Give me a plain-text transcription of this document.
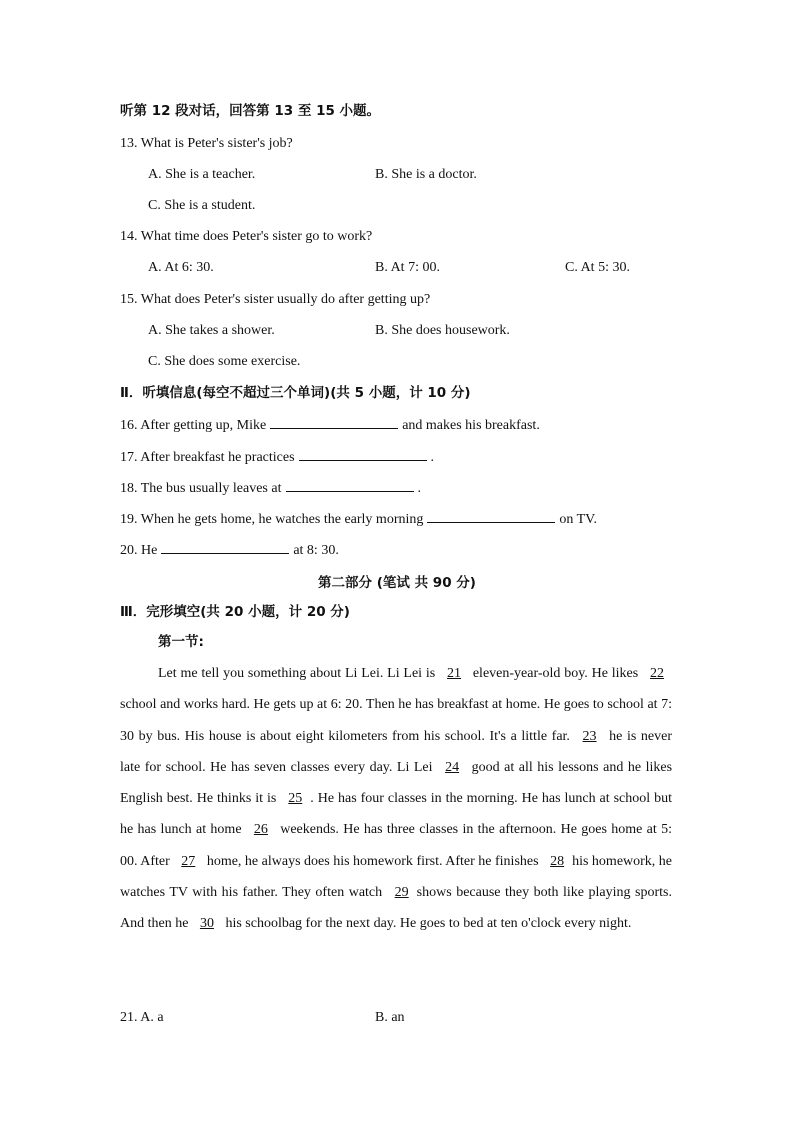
听第 12 段对话，回答第 13 至 15 小题。
13. What is Peter's sister's job?
A. She is a teacher.	B. She is a doctor.
C. She is a student.
14. What time does Peter's sister go to work?
A. At 6: 30.	B. At 7: 00.	C. At 5: 30.
15. What does Peter's sister usually do after getting up?
A. She takes a shower.	B. She does housework.
C. She does some exercise.
Ⅱ．听填信息(每空不超过三个单词)(共 5 小题，计 10 分)
16. After getting up, Mike	and makes his breakfast.
17. After breakfast he practices	.
18. The bus usually leaves at	.
19. When he gets home, he watches the early morning	on TV.
20. He	at 8: 30.
第二部分 (笔试 共 90 分)
Ⅲ．完形填空(共 20 小题，计 20 分)
第一节:
Let me tell you something about Li Lei. Li Lei is 21 eleven-year-old boy. He likes 22 school and works hard. He gets up at 6: 20. Then he has breakfast at home. He goes to school at 7: 30 by bus. His house is about eight kilometers from his school. It's a little far. 23 he is never late for school. He has seven classes every day. Li Lei 24 good at all his lessons and he likes English best. He thinks it is 25 . He has four classes in the morning. He has lunch at school but he has lunch at home 26 weekends. He has three classes in the afternoon. He goes home at 5: 00. After 27 home, he always does his homework first. After he finishes 28 his homework, he watches TV with his father. They often watch 29 shows because they both like playing sports. And then he 30 his schoolbag for the next day. He goes to bed at ten o'clock every night.
21. A. a	B. an
